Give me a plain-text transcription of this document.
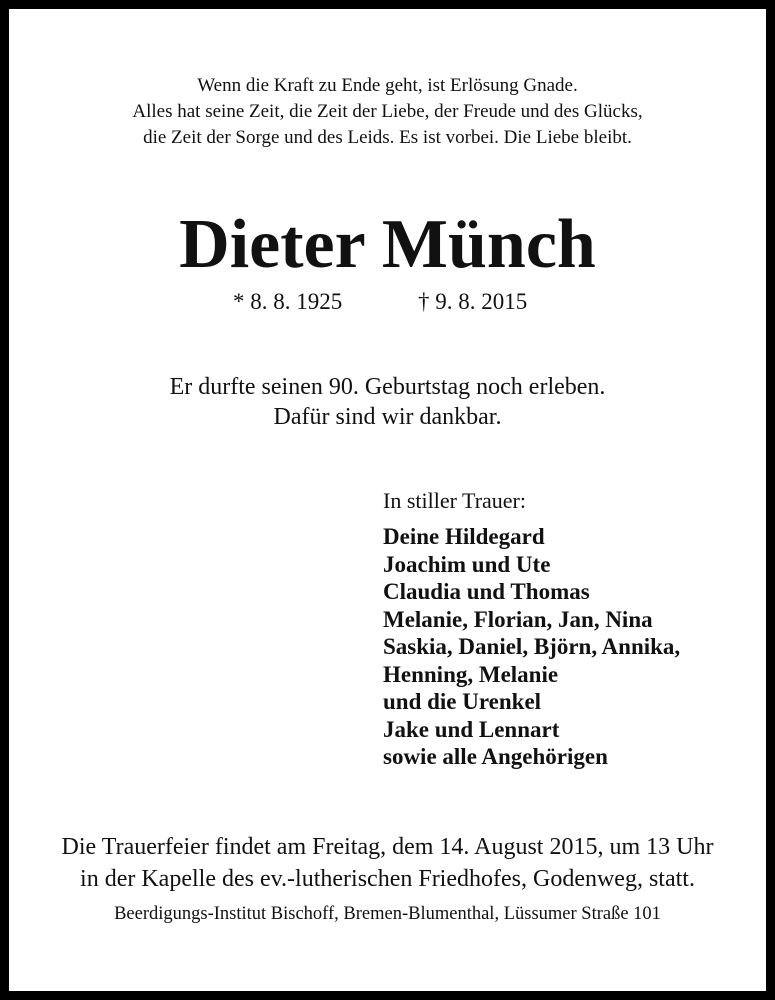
Wenn die Kraft zu Ende geht, ist Erlösung Gnade.
Alles hat seine Zeit, die Zeit der Liebe, der Freude und des Glücks,
die Zeit der Sorge und des Leids. Es ist vorbei. Die Liebe bleibt.
Dieter Münch
* 8. 8. 1925	† 9. 8. 2015
Er durfte seinen 90. Geburtstag noch erleben.
Dafür sind wir dankbar.
In stiller Trauer:
Deine Hildegard
Joachim und Ute
Claudia und Thomas
Melanie, Florian, Jan, Nina
Saskia, Daniel, Björn, Annika,
Henning, Melanie
und die Urenkel
Jake und Lennart
sowie alle Angehörigen
Die Trauerfeier findet am Freitag, dem 14. August 2015, um 13 Uhr
in der Kapelle des ev.-lutherischen Friedhofes, Godenweg, statt.
Beerdigungs-Institut Bischoff, Bremen-Blumenthal, Lüssumer Straße 101
